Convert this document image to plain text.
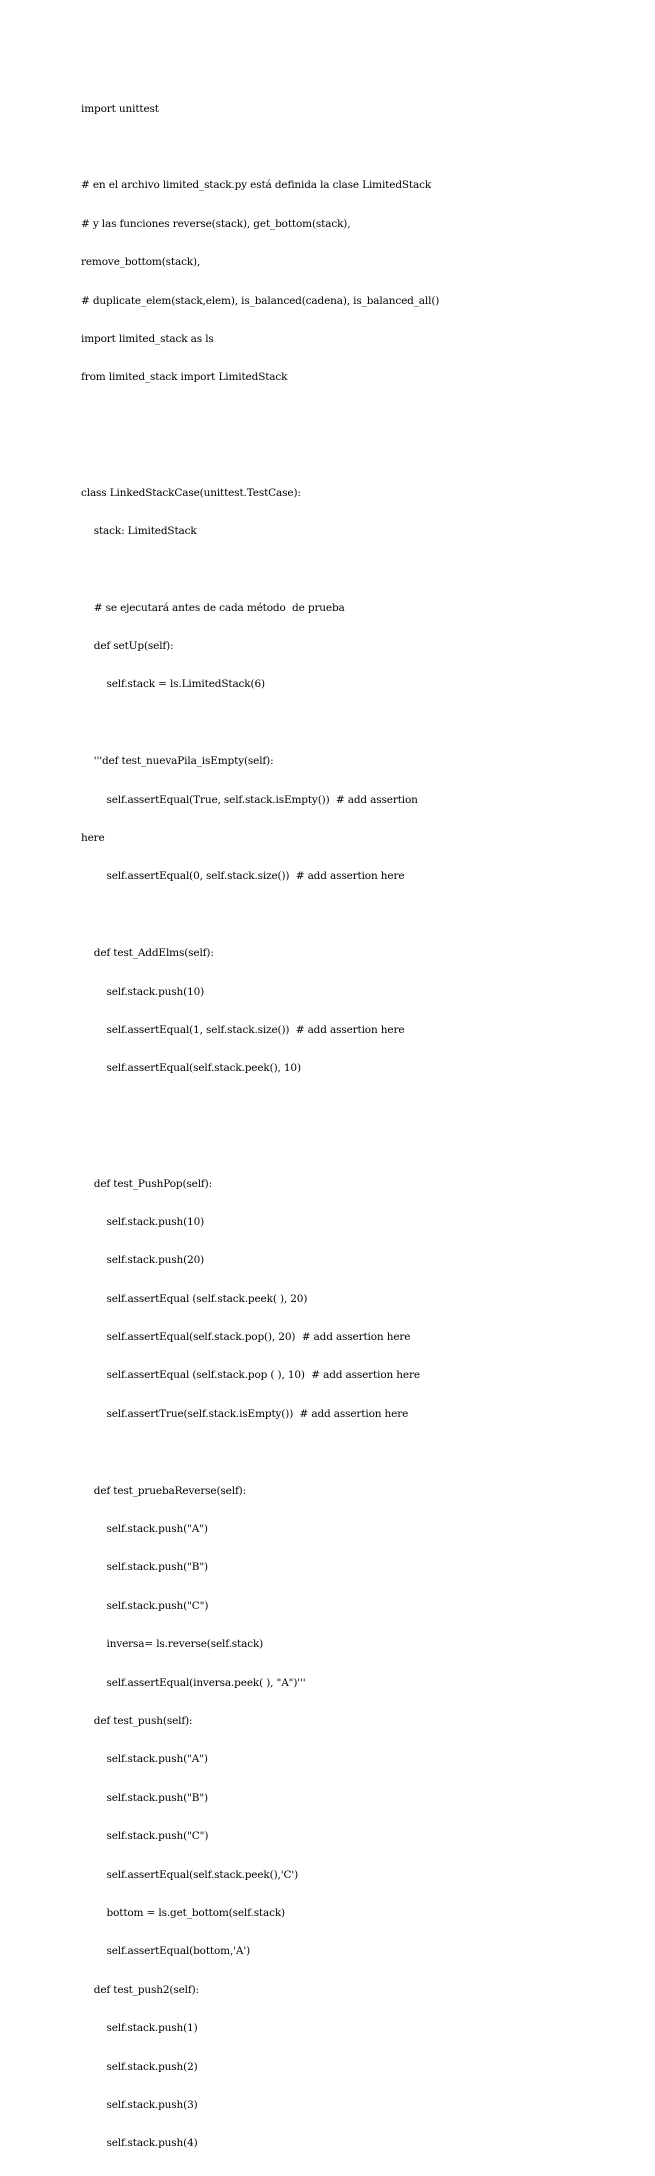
import unittest

# en el archivo limited_stack.py está definida la clase LimitedStack

# y las funciones reverse(stack), get_bottom(stack),

remove_bottom(stack),

# duplicate_elem(stack,elem), is_balanced(cadena), is_balanced_all()

import limited_stack as ls

from limited_stack import LimitedStack

class LinkedStackCase(unittest.TestCase):

stack: LimitedStack

# se ejecutará antes de cada método  de prueba

def setUp(self):

self.stack = ls.LimitedStack(6)

'''def test_nuevaPila_isEmpty(self):

self.assertEqual(True, self.stack.isEmpty())  # add assertion

here

self.assertEqual(0, self.stack.size())  # add assertion here

def test_AddElms(self):

self.stack.push(10)

self.assertEqual(1, self.stack.size())  # add assertion here

self.assertEqual(self.stack.peek(), 10)

def test_PushPop(self):

self.stack.push(10)

self.stack.push(20)

self.assertEqual (self.stack.peek( ), 20)

self.assertEqual(self.stack.pop(), 20)  # add assertion here

self.assertEqual (self.stack.pop ( ), 10)  # add assertion here

self.assertTrue(self.stack.isEmpty())  # add assertion here

def test_pruebaReverse(self):

self.stack.push("A")

self.stack.push("B")

self.stack.push("C")

inversa= ls.reverse(self.stack)

self.assertEqual(inversa.peek( ), "A")'''

def test_push(self):

self.stack.push("A")

self.stack.push("B")

self.stack.push("C")

self.assertEqual(self.stack.peek(),'C')

bottom = ls.get_bottom(self.stack)

self.assertEqual(bottom,'A')

def test_push2(self):

self.stack.push(1)

self.stack.push(2)

self.stack.push(3)

self.stack.push(4)
